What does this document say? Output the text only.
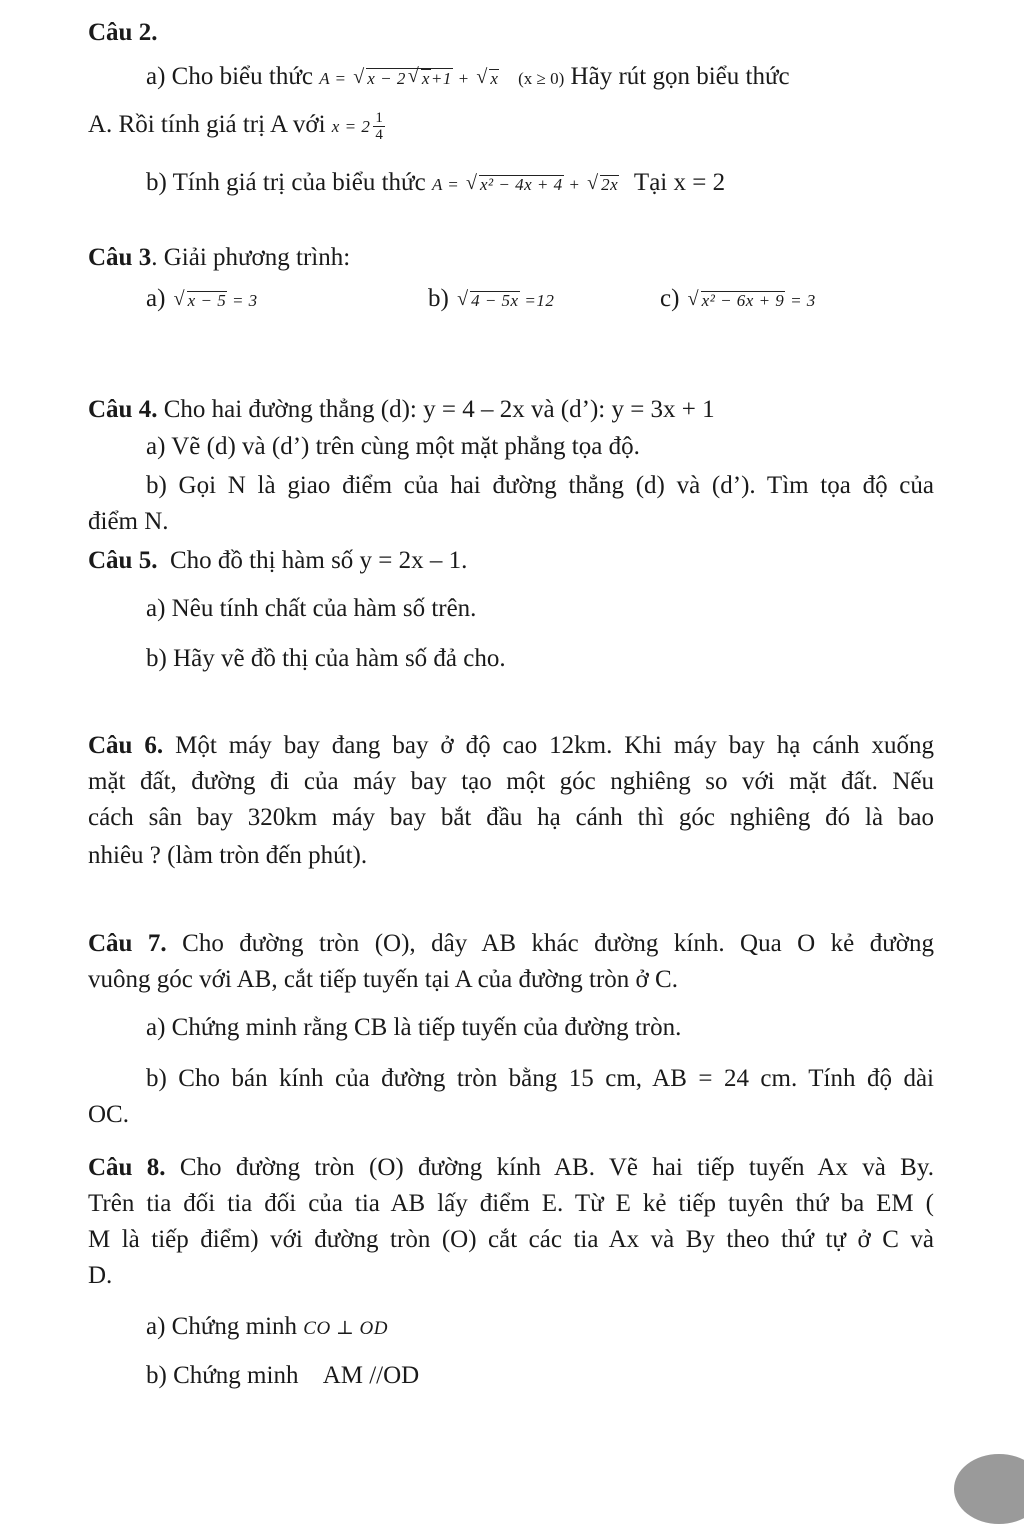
Câu 2.
a) Cho biểu thức A = √ x − 2 √ x+1 + √ x (x ≥ 0) Hãy rút gọn biểu thức
A. Rồi tính giá trị A với $x = 2 \frac{1}{4}$
b) Tính giá trị của biểu thức A = √ x² − 4x + 4 + √ 2x Tại x = 2
Câu 3. Giải phương trình:
a) √ x − 5 = 3	b) √ 4 − 5x =12	c) √ x² − 6x + 9 = 3
Câu 4. Cho hai đường thẳng (d): y = 4 – 2x và (d’): y = 3x + 1
a) Vẽ (d) và (d’) trên cùng một mặt phẳng tọa độ.
b) Gọi N là giao điểm của hai đường thẳng (d) và (d’). Tìm tọa độ của
điểm N.
Câu 5. Cho đồ thị hàm số y = 2x – 1.
a) Nêu tính chất của hàm số trên.
b) Hãy vẽ đồ thị của hàm số đả cho.
Câu 6. Một máy bay đang bay ở độ cao 12km. Khi máy bay hạ cánh xuống
mặt đất, đường đi của máy bay tạo một góc nghiêng so với mặt đất. Nếu
cách sân bay 320km máy bay bắt đầu hạ cánh thì góc nghiêng đó là bao
nhiêu ? (làm tròn đến phút).
Câu 7. Cho đường tròn (O), dây AB khác đường kính. Qua O kẻ đường
vuông góc với AB, cắt tiếp tuyến tại A của đường tròn ở C.
a) Chứng minh rằng CB là tiếp tuyến của đường tròn.
b) Cho bán kính của đường tròn bằng 15 cm, AB = 24 cm. Tính độ dài
OC.
Câu 8. Cho đường tròn (O) đường kính AB. Vẽ hai tiếp tuyến Ax và By.
Trên tia đối tia đối của tia AB lấy điểm E. Từ E kẻ tiếp tuyên thứ ba EM (
M là tiếp điểm) với đường tròn (O) cắt các tia Ax và By theo thứ tự ở C và
D.
a) Chứng minh CO ⊥ OD
b) Chứng minh AM //OD
